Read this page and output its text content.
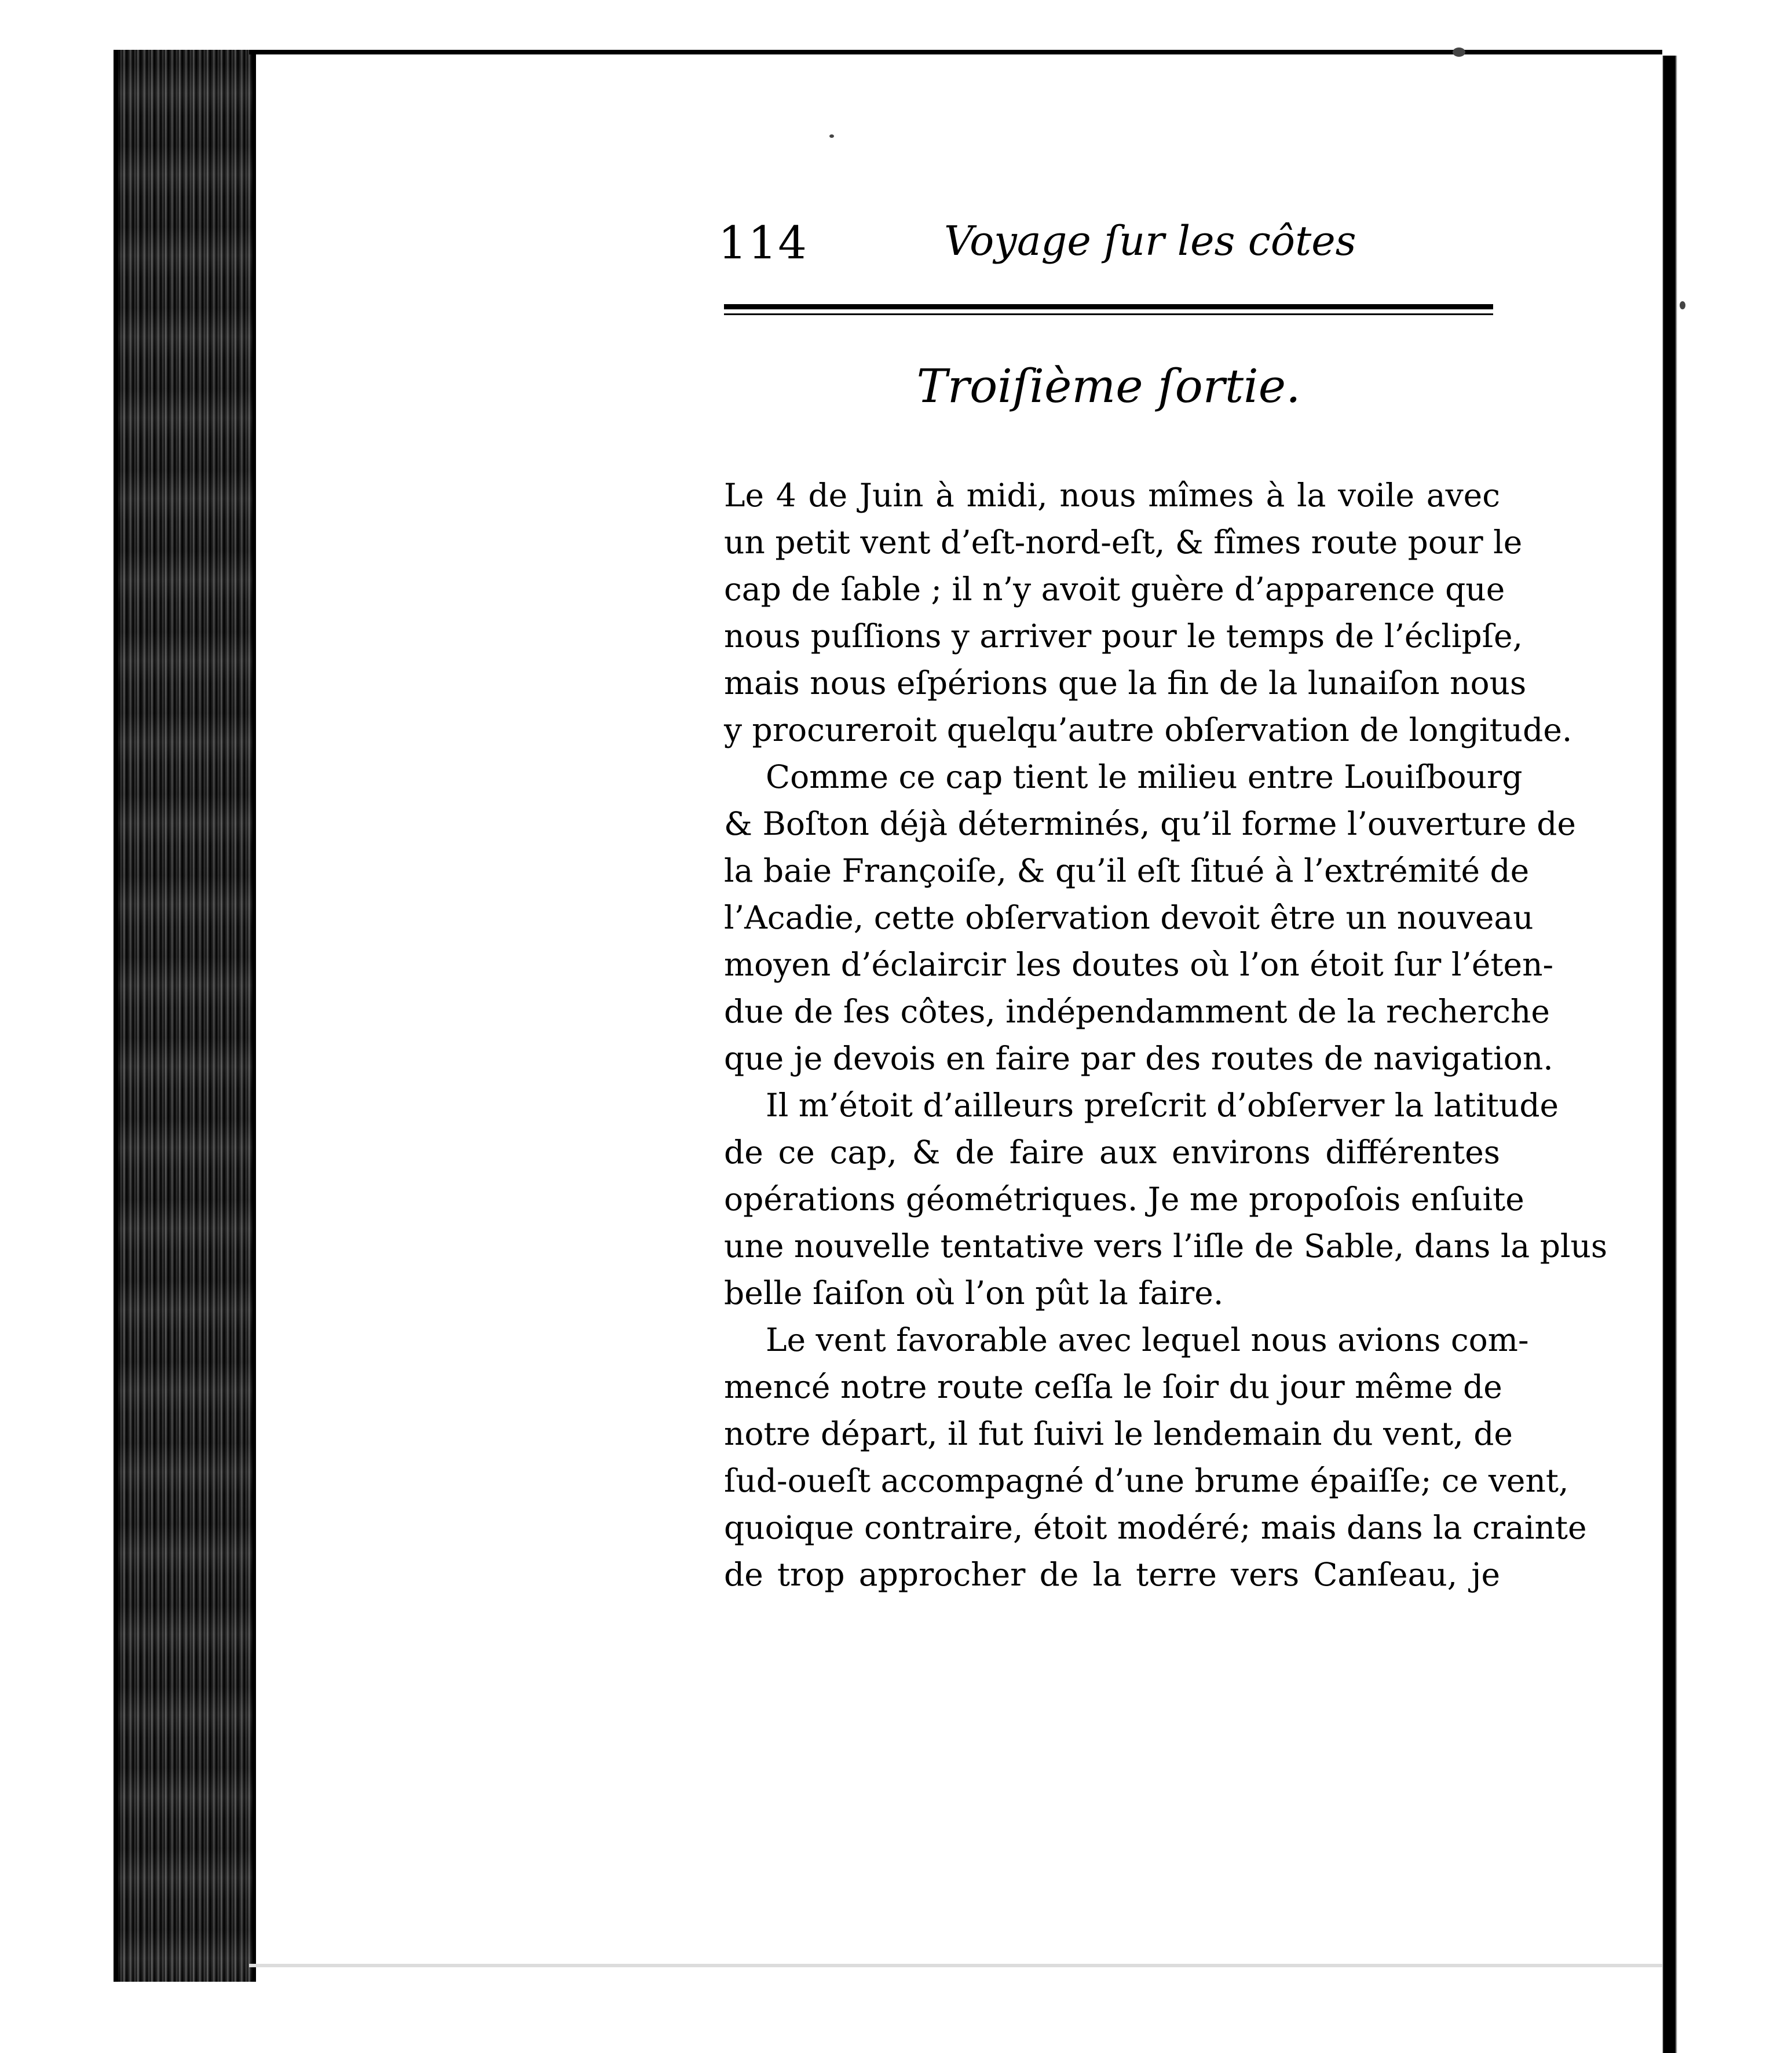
114	Voyage ſur les côtes
Troiſième ſortie.
Le 4 de Juin à midi, nous mîmes à la voile avec
un petit vent d’eſt-nord-eſt, & fîmes route pour le
cap de ſable ; il n’y avoit guère d’apparence que
nous puſſions y arriver pour le temps de l’éclipſe,
mais nous eſpérions que la fin de la lunaiſon nous
y procureroit quelqu’autre obſervation de longitude.
Comme ce cap tient le milieu entre Louiſbourg
& Boſton déjà déterminés, qu’il forme l’ouverture de
la baie Françoiſe, & qu’il eſt ſitué à l’extrémité de
l’Acadie, cette obſervation devoit être un nouveau
moyen d’éclaircir les doutes où l’on étoit ſur l’éten-
due de ſes côtes, indépendamment de la recherche
que je devois en faire par des routes de navigation.
Il m’étoit d’ailleurs preſcrit d’obſerver la latitude
de ce cap, & de faire aux environs différentes
opérations géométriques. Je me propoſois enſuite
une nouvelle tentative vers l’iſle de Sable, dans la plus
belle ſaiſon où l’on pût la faire.
Le vent favorable avec lequel nous avions com-
mencé notre route ceſſa le ſoir du jour même de
notre départ, il fut ſuivi le lendemain du vent, de
ſud-oueſt accompagné d’une brume épaiſſe; ce vent,
quoique contraire, étoit modéré; mais dans la crainte
de trop approcher de la terre vers Canſeau, je
